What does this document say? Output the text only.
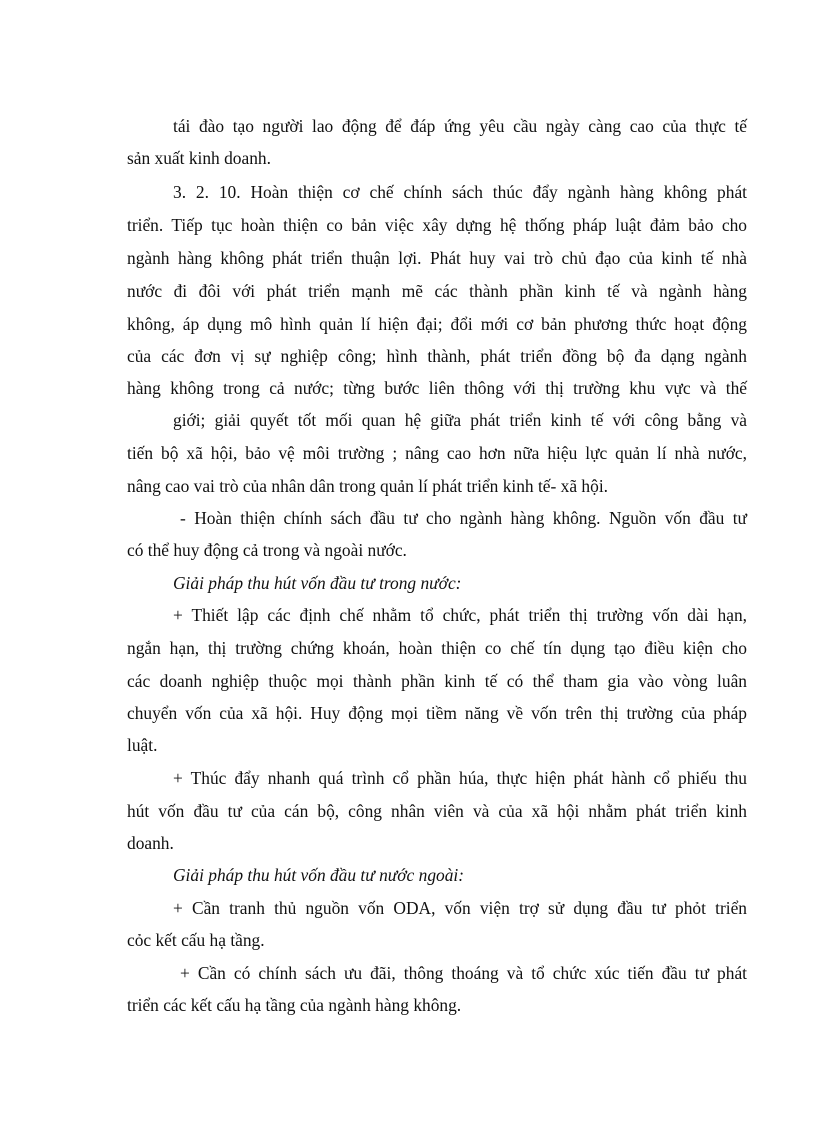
tái đào tạo người lao động để đáp ứng yêu cầu ngày càng cao của thực tế
sản xuất kinh doanh.
3. 2. 10. Hoàn thiện cơ chế chính sách thúc đẩy ngành hàng không phát
triển. Tiếp tục hoàn thiện co bản việc xây dựng hệ thống pháp luật đảm bảo cho
ngành hàng không phát triển thuận lợi. Phát huy vai trò chủ đạo của kinh tế nhà
nước đi đôi với phát triển mạnh mẽ các thành phần kinh tế và ngành hàng
không, áp dụng mô hình quản lí hiện đại; đổi mới cơ bản phương thức hoạt động
của các đơn vị sự nghiệp công; hình thành, phát triển đồng bộ đa dạng ngành
hàng không trong cả nước; từng bước liên thông với thị trường khu vực và thế
giới; giải quyết tốt mối quan hệ giữa phát triển kinh tế với công bằng và
tiến bộ xã hội, bảo vệ môi trường ; nâng cao hơn nữa hiệu lực quản lí nhà nước,
nâng cao vai trò của nhân dân trong quản lí phát triển kinh tế- xã hội.
- Hoàn thiện chính sách đầu tư cho ngành hàng không. Nguồn vốn đầu tư
có thể huy động cả trong và ngoài nước.
Giải pháp thu hút vốn đầu tư trong nước:
+ Thiết lập các định chế nhằm tổ chức, phát triển thị trường vốn dài hạn,
ngắn hạn, thị trường chứng khoán, hoàn thiện co chế tín dụng tạo điều kiện cho
các doanh nghiệp thuộc mọi thành phần kinh tế có thể tham gia vào vòng luân
chuyển vốn của xã hội. Huy động mọi tiềm năng về vốn trên thị trường của pháp
luật.
+ Thúc đẩy nhanh quá trình cổ phần húa, thực hiện phát hành cổ phiếu thu
hút vốn đầu tư của cán bộ, công nhân viên và của xã hội nhằm phát triển kinh
doanh.
Giải pháp thu hút vốn đầu tư nước ngoài:
+ Cần tranh thủ nguồn vốn ODA, vốn viện trợ sử dụng đầu tư phỏt triển
cỏc kết cấu hạ tầng.
+ Cần có chính sách ưu đãi, thông thoáng và tổ chức xúc tiến đầu tư phát
triển các kết cấu hạ tầng của ngành hàng không.
